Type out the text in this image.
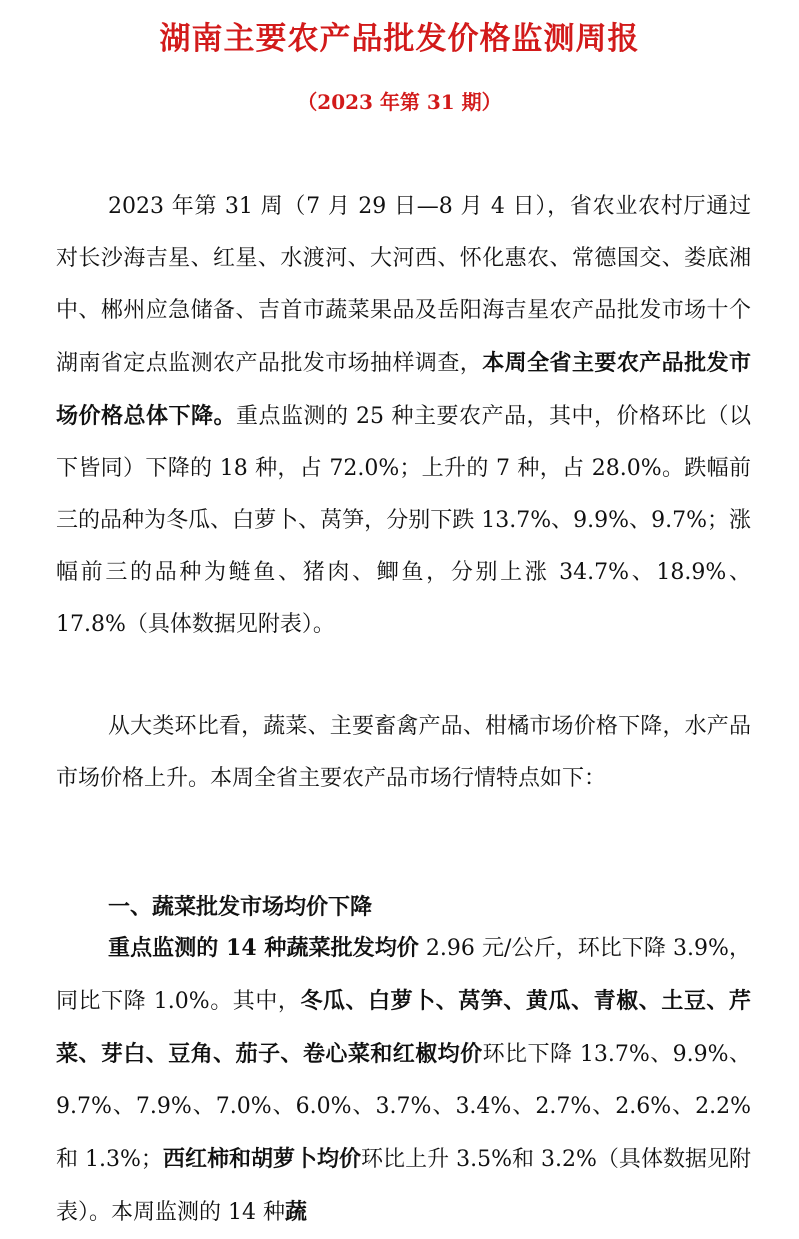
湖南主要农产品批发价格监测周报
（2023 年第 31 期）

2023 年第 31 周（7 月 29 日—8 月 4 日），省农业农村厅通过对长沙海吉星、红星、水渡河、大河西、怀化惠农、常德国交、娄底湘中、郴州应急储备、吉首市蔬菜果品及岳阳海吉星农产品批发市场十个湖南省定点监测农产品批发市场抽样调查，本周全省主要农产品批发市场价格总体下降。重点监测的 25 种主要农产品，其中，价格环比（以下皆同）下降的 18 种，占 72.0%；上升的 7 种，占 28.0%。跌幅前三的品种为冬瓜、白萝卜、莴笋，分别下跌 13.7%、9.9%、9.7%；涨幅前三的品种为鲢鱼、猪肉、鲫鱼，分别上涨 34.7%、18.9%、17.8%（具体数据见附表）。

从大类环比看，蔬菜、主要畜禽产品、柑橘市场价格下降，水产品市场价格上升。本周全省主要农产品市场行情特点如下：

一、蔬菜批发市场均价下降

重点监测的 14 种蔬菜批发均价 2.96 元/公斤，环比下降 3.9%，同比下降 1.0%。其中，冬瓜、白萝卜、莴笋、黄瓜、青椒、土豆、芹菜、芽白、豆角、茄子、卷心菜和红椒均价环比下降 13.7%、9.9%、9.7%、7.9%、7.0%、6.0%、3.7%、3.4%、2.7%、2.6%、2.2%和 1.3%；西红柿和胡萝卜均价环比上升 3.5%和 3.2%（具体数据见附表）。本周监测的 14 种蔬
